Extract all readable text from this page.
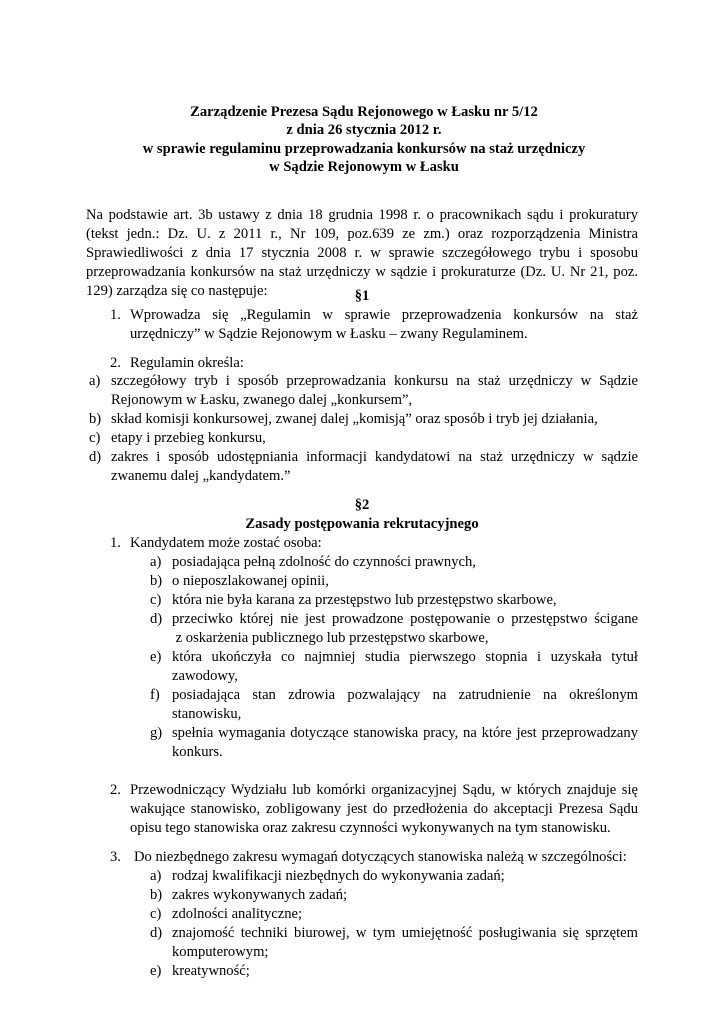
Zarządzenie Prezesa Sądu Rejonowego w Łasku nr 5/12
z dnia 26 stycznia 2012 r.
w sprawie regulaminu przeprowadzania konkursów na staż urzędniczy
w Sądzie Rejonowym w Łasku
Na podstawie art. 3b ustawy z dnia 18 grudnia 1998 r. o pracownikach sądu i prokuratury
(tekst jedn.: Dz. U. z 2011 r., Nr 109, poz.639 ze zm.) oraz rozporządzenia Ministra
Sprawiedliwości z dnia 17 stycznia 2008 r. w sprawie szczegółowego trybu i sposobu
przeprowadzania konkursów na staż urzędniczy w sądzie i prokuraturze (Dz. U. Nr 21, poz.
129) zarządza się co następuje:	§1
1. Wprowadza się „Regulamin w sprawie przeprowadzenia konkursów na staż
urzędniczy” w Sądzie Rejonowym w Łasku – zwany Regulaminem.
2. Regulamin określa:
a) szczegółowy tryb i sposób przeprowadzania konkursu na staż urzędniczy w Sądzie
Rejonowym w Łasku, zwanego dalej „konkursem”,
b) skład komisji konkursowej, zwanej dalej „komisją” oraz sposób i tryb jej działania,
c) etapy i przebieg konkursu,
d) zakres i sposób udostępniania informacji kandydatowi na staż urzędniczy w sądzie
zwanemu dalej „kandydatem.”
§2
Zasady postępowania rekrutacyjnego
1. Kandydatem może zostać osoba:
a) posiadająca pełną zdolność do czynności prawnych,
b) o nieposzlakowanej opinii,
c) która nie była karana za przestępstwo lub przestępstwo skarbowe,
d) przeciwko której nie jest prowadzone postępowanie o przestępstwo ścigane
z oskarżenia publicznego lub przestępstwo skarbowe,
e) która ukończyła co najmniej studia pierwszego stopnia i uzyskała tytuł
zawodowy,
f) posiadająca stan zdrowia pozwalający na zatrudnienie na określonym
stanowisku,
g) spełnia wymagania dotyczące stanowiska pracy, na które jest przeprowadzany
konkurs.
2. Przewodniczący Wydziału lub komórki organizacyjnej Sądu, w których znajduje się
wakujące stanowisko, zobligowany jest do przedłożenia do akceptacji Prezesa Sądu
opisu tego stanowiska oraz zakresu czynności wykonywanych na tym stanowisku.
3. Do niezbędnego zakresu wymagań dotyczących stanowiska należą w szczególności:
a) rodzaj kwalifikacji niezbędnych do wykonywania zadań;
b) zakres wykonywanych zadań;
c) zdolności analityczne;
d) znajomość techniki biurowej, w tym umiejętność posługiwania się sprzętem
komputerowym;
e) kreatywność;
